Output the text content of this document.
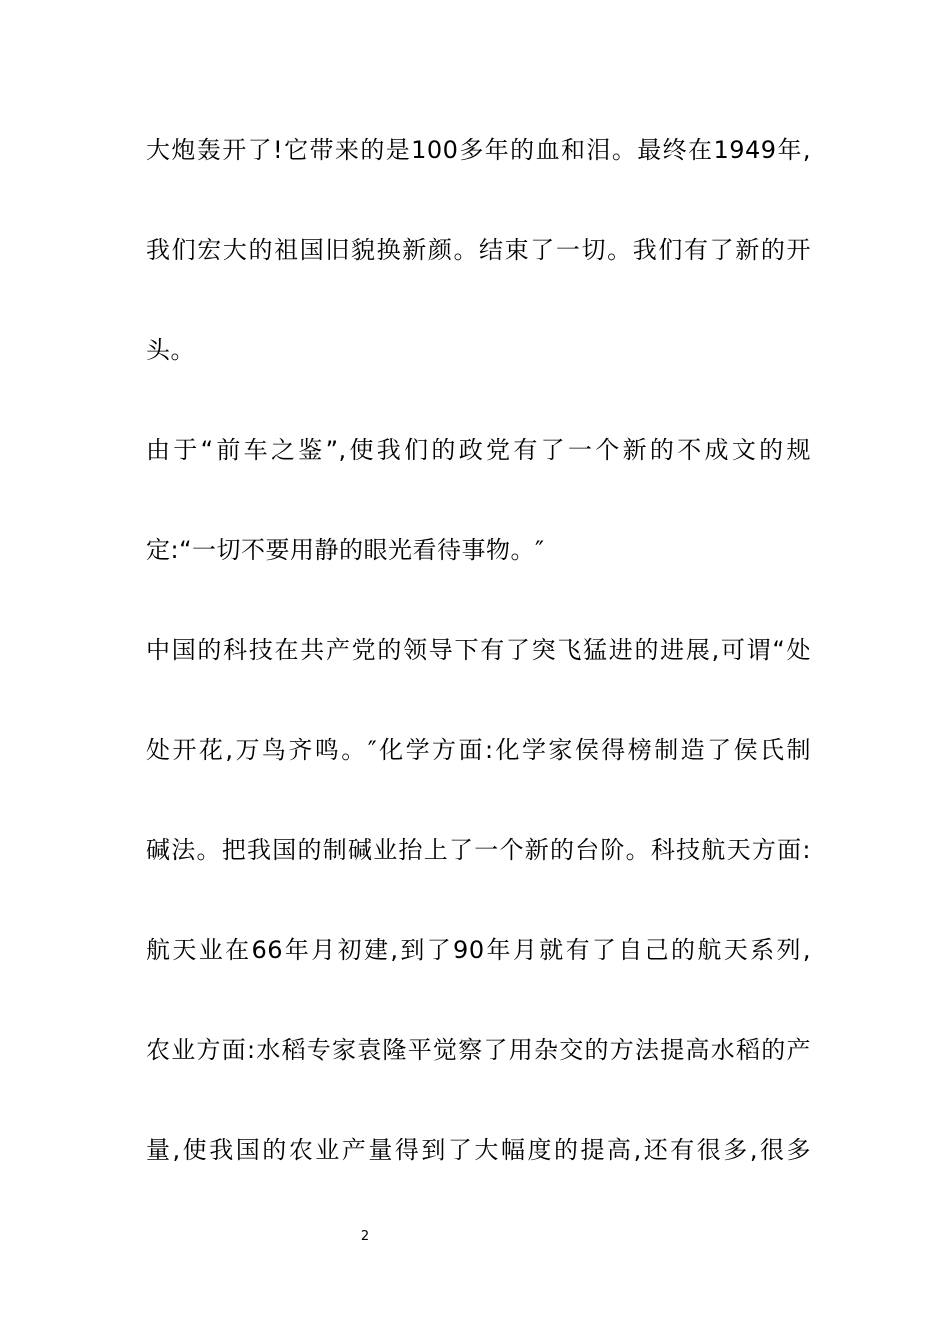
大炮轰开了!它带来的是100多年的血和泪。最终在1949年,
我们宏大的祖国旧貌换新颜。结束了一切。我们有了新的开
头。
由于“前车之鉴”,使我们的政党有了一个新的不成文的规
定:“一切不要用静的眼光看待事物。″
中国的科技在共产党的领导下有了突飞猛进的进展,可谓“处
处开花,万鸟齐鸣。″化学方面:化学家侯得榜制造了侯氏制
碱法。把我国的制碱业抬上了一个新的台阶。科技航天方面:
航天业在66年月初建,到了90年月就有了自己的航天系列,
农业方面:水稻专家袁隆平觉察了用杂交的方法提高水稻的产
量,使我国的农业产量得到了大幅度的提高,还有很多,很多
2
